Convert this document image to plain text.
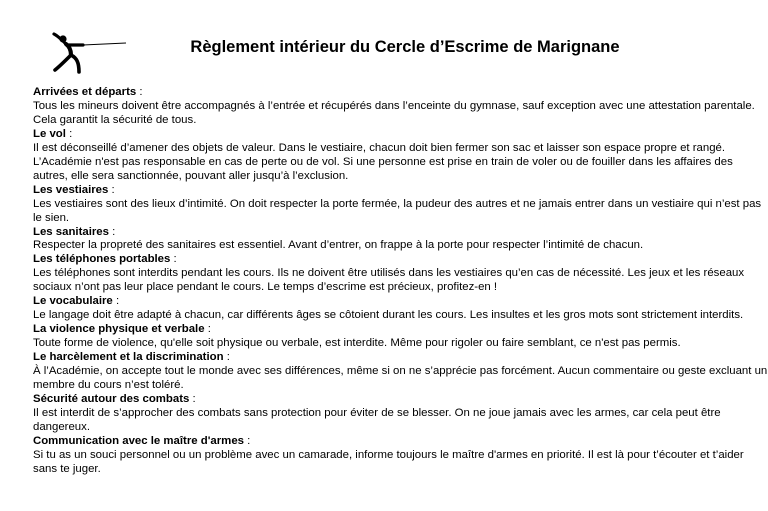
Règlement intérieur du Cercle d’Escrime de Marignane
Arrivées et départs :

Tous les mineurs doivent être accompagnés à l’entrée et récupérés dans l’enceinte du gymnase, sauf exception avec une attestation parentale. Cela garantit la sécurité de tous.

Le vol :

Il est déconseillé d’amener des objets de valeur. Dans le vestiaire, chacun doit bien fermer son sac et laisser son espace propre et rangé. L’Académie n'est pas responsable en cas de perte ou de vol. Si une personne est prise en train de voler ou de fouiller dans les affaires des autres, elle sera sanctionnée, pouvant aller jusqu’à l’exclusion.

Les vestiaires :

Les vestiaires sont des lieux d’intimité. On doit respecter la porte fermée, la pudeur des autres et ne jamais entrer dans un vestiaire qui n’est pas le sien.

Les sanitaires :

Respecter la propreté des sanitaires est essentiel. Avant d’entrer, on frappe à la porte pour respecter l’intimité de chacun.

Les téléphones portables :

Les téléphones sont interdits pendant les cours. Ils ne doivent être utilisés dans les vestiaires qu’en cas de nécessité. Les jeux et les réseaux sociaux n’ont pas leur place pendant le cours. Le temps d’escrime est précieux, profitez-en !

Le vocabulaire :

Le langage doit être adapté à chacun, car différents âges se côtoient durant les cours. Les insultes et les gros mots sont strictement interdits.

La violence physique et verbale :

Toute forme de violence, qu'elle soit physique ou verbale, est interdite. Même pour rigoler ou faire semblant, ce n'est pas permis.

Le harcèlement et la discrimination :

À l’Académie, on accepte tout le monde avec ses différences, même si on ne s’apprécie pas forcément. Aucun commentaire ou geste excluant un membre du cours n’est toléré.

Sécurité autour des combats :

Il est interdit de s’approcher des combats sans protection pour éviter de se blesser. On ne joue jamais avec les armes, car cela peut être dangereux.

Communication avec le maître d'armes :

Si tu as un souci personnel ou un problème avec un camarade, informe toujours le maître d'armes en priorité. Il est là pour t’écouter et t’aider sans te juger.
